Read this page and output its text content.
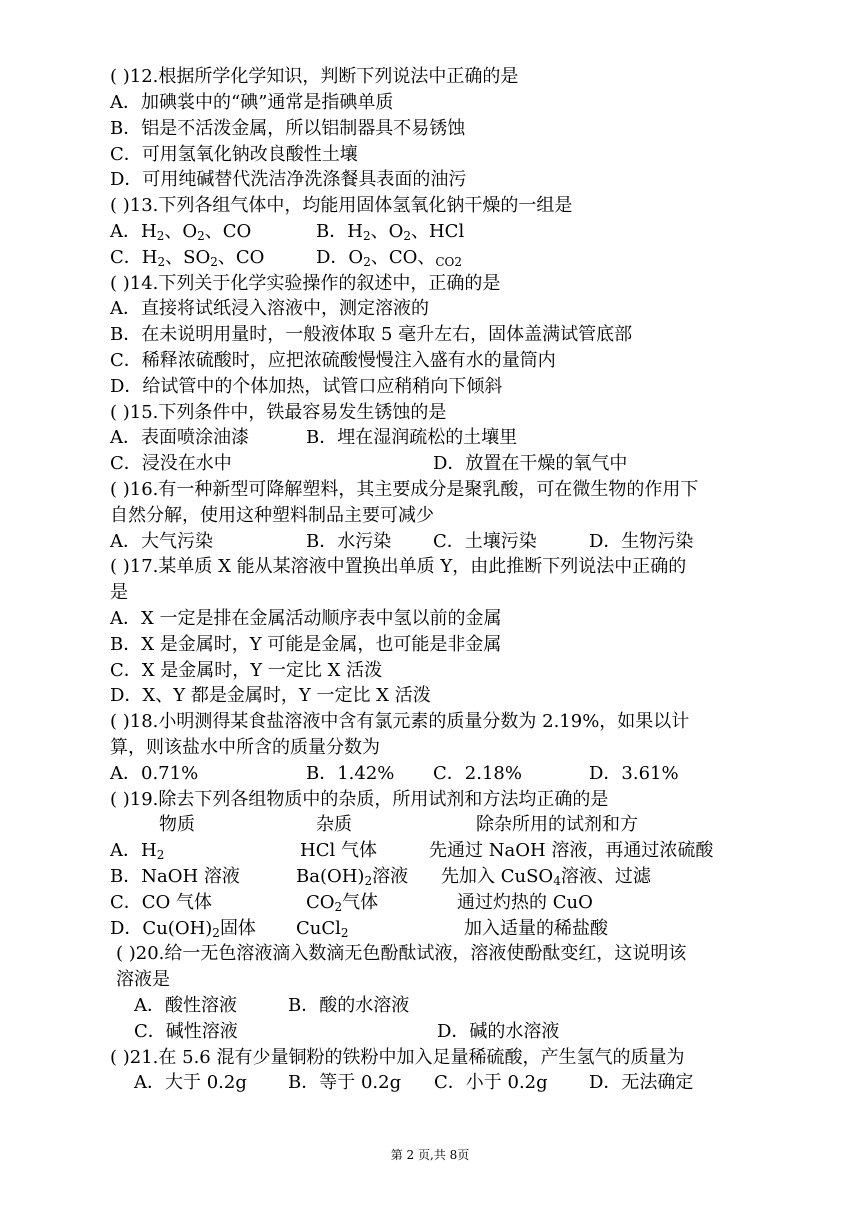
( )12.根据所学化学知识，判断下列说法中正确的是
A．加碘裳中的“碘”通常是指碘单质
B．铝是不活泼金属，所以铝制器具不易锈蚀
C．可用氢氧化钠改良酸性土壤
D．可用纯碱替代洗洁净洗涤餐具表面的油污
( )13.下列各组气体中，均能用固体氢氧化钠干燥的一组是
A．$H_2$、$O_2$、CO	B．$H_2$、$O_2$、HCl
C．$H_2$、$SO_2$、CO	D．$O_2$、CO、$_{CO2}$
( )14.下列关于化学实验操作的叙述中，正确的是
A．直接将试纸浸入溶液中，测定溶液的
B．在未说明用量时，一般液体取 5 毫升左右，固体盖满试管底部
C．稀释浓硫酸时，应把浓硫酸慢慢注入盛有水的量筒内
D．给试管中的个体加热，试管口应稍稍向下倾斜
( )15.下列条件中，铁最容易发生锈蚀的是
A．表面喷涂油漆	B．埋在湿润疏松的土壤里
C．浸没在水中	D．放置在干燥的氧气中
( )16.有一种新型可降解塑料，其主要成分是聚乳酸，可在微生物的作用下
自然分解，使用这种塑料制品主要可减少
A．大气污染	B．水污染 C．土壤污染	D．生物污染
( )17.某单质 X 能从某溶液中置换出单质 Y，由此推断下列说法中正确的
是
A．X 一定是排在金属活动顺序表中氢以前的金属
B．X 是金属时，Y 可能是金属，也可能是非金属
C．X 是金属时，Y 一定比 X 活泼
D．X、Y 都是金属时，Y 一定比 X 活泼
( )18.小明测得某食盐溶液中含有氯元素的质量分数为 2.19%，如果以计
算，则该盐水中所含的质量分数为
A．0.71%	B．1.42% C．2.18%	D．3.61%
( )19.除去下列各组物质中的杂质，所用试剂和方法均正确的是
物质	杂质	除杂所用的试剂和方
A．$H_2$	HCl 气体	先通过 NaOH 溶液，再通过浓硫酸
B．NaOH 溶液	$Ba(OH)_2$溶液 先加入 CuSO$_4$溶液、过滤
C．CO 气体	$CO_2$气体	通过灼热的 CuO
D．$Cu(OH)_2$固体 CuCl$_2$	加入适量的稀盐酸
( )20.给一无色溶液滴入数滴无色酚酞试液，溶液使酚酞变红，这说明该
溶液是
A．酸性溶液	B．酸的水溶液
C．碱性溶液	D．碱的水溶液
( )21.在 5.6 混有少量铜粉的铁粉中加入足量稀硫酸，产生氢气的质量为
A．大于 0.2g B．等于 0.2g C．小于 0.2g D．无法确定
第 2 页,共 8页
